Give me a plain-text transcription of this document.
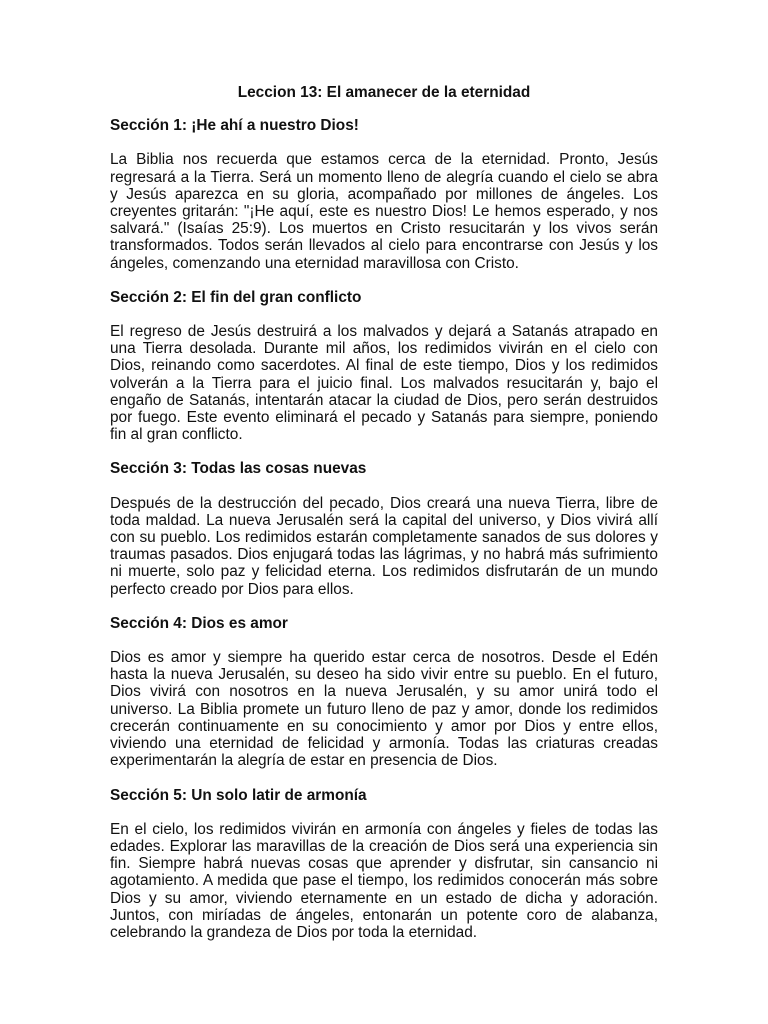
Leccion 13: El amanecer de la eternidad
Sección 1: ¡He ahí a nuestro Dios!
La Biblia nos recuerda que estamos cerca de la eternidad. Pronto, Jesús regresará a la Tierra. Será un momento lleno de alegría cuando el cielo se abra y Jesús aparezca en su gloria, acompañado por millones de ángeles. Los creyentes gritarán: "¡He aquí, este es nuestro Dios! Le hemos esperado, y nos salvará." (Isaías 25:9). Los muertos en Cristo resucitarán y los vivos serán transformados. Todos serán llevados al cielo para encontrarse con Jesús y los ángeles, comenzando una eternidad maravillosa con Cristo.
Sección 2: El fin del gran conflicto
El regreso de Jesús destruirá a los malvados y dejará a Satanás atrapado en una Tierra desolada. Durante mil años, los redimidos vivirán en el cielo con Dios, reinando como sacerdotes. Al final de este tiempo, Dios y los redimidos volverán a la Tierra para el juicio final. Los malvados resucitarán y, bajo el engaño de Satanás, intentarán atacar la ciudad de Dios, pero serán destruidos por fuego. Este evento eliminará el pecado y Satanás para siempre, poniendo fin al gran conflicto.
Sección 3: Todas las cosas nuevas
Después de la destrucción del pecado, Dios creará una nueva Tierra, libre de toda maldad. La nueva Jerusalén será la capital del universo, y Dios vivirá allí con su pueblo. Los redimidos estarán completamente sanados de sus dolores y traumas pasados. Dios enjugará todas las lágrimas, y no habrá más sufrimiento ni muerte, solo paz y felicidad eterna. Los redimidos disfrutarán de un mundo perfecto creado por Dios para ellos.
Sección 4: Dios es amor
Dios es amor y siempre ha querido estar cerca de nosotros. Desde el Edén hasta la nueva Jerusalén, su deseo ha sido vivir entre su pueblo. En el futuro, Dios vivirá con nosotros en la nueva Jerusalén, y su amor unirá todo el universo. La Biblia promete un futuro lleno de paz y amor, donde los redimidos crecerán continuamente en su conocimiento y amor por Dios y entre ellos, viviendo una eternidad de felicidad y armonía. Todas las criaturas creadas experimentarán la alegría de estar en presencia de Dios.
Sección 5: Un solo latir de armonía
En el cielo, los redimidos vivirán en armonía con ángeles y fieles de todas las edades. Explorar las maravillas de la creación de Dios será una experiencia sin fin. Siempre habrá nuevas cosas que aprender y disfrutar, sin cansancio ni agotamiento. A medida que pase el tiempo, los redimidos conocerán más sobre Dios y su amor, viviendo eternamente en un estado de dicha y adoración. Juntos, con miríadas de ángeles, entonarán un potente coro de alabanza, celebrando la grandeza de Dios por toda la eternidad.
